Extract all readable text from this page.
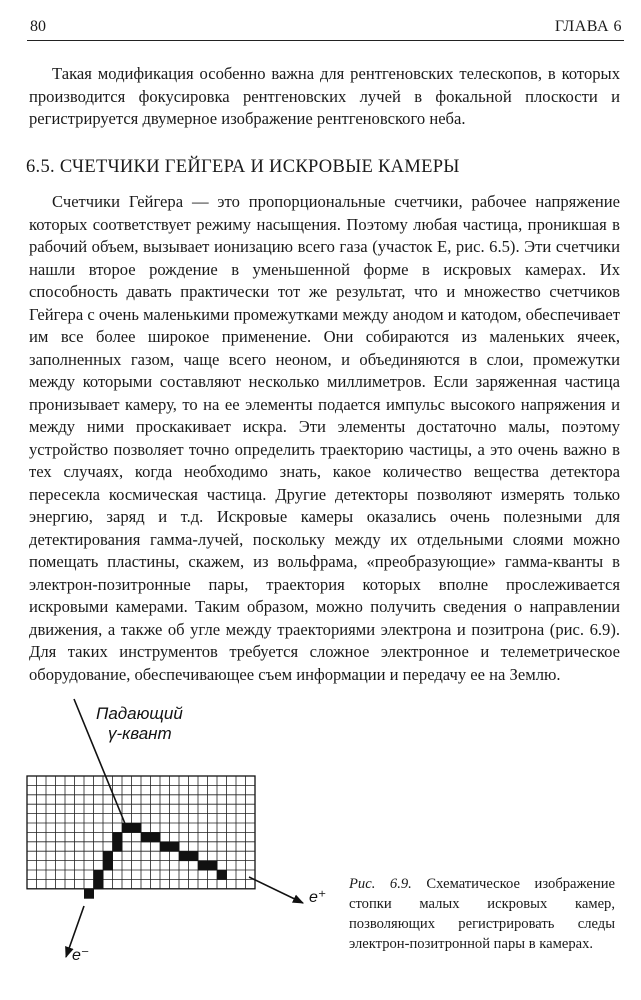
80	ГЛАВА 6

Такая модификация особенно важна для рентгеновских телескопов, в которых производится фокусировка рентгеновских лучей в фокальной плоскости и регистрируется двумерное изображение рентгеновского неба.

6.5. СЧЕТЧИКИ ГЕЙГЕРА И ИСКРОВЫЕ КАМЕРЫ

Счетчики Гейгера — это пропорциональные счетчики, рабочее напряжение которых соответствует режиму насыщения. Поэтому любая частица, проникшая в рабочий объем, вызывает ионизацию всего газа (участок Е, рис. 6.5). Эти счетчики нашли второе рождение в уменьшенной форме в искровых камерах. Их способность давать практически тот же результат, что и множество счетчиков Гейгера с очень маленькими промежутками между анодом и катодом, обеспечивает им все более широкое применение. Они собираются из маленьких ячеек, заполненных газом, чаще всего неоном, и объединяются в слои, промежутки между которыми составляют несколько миллиметров. Если заряженная частица пронизывает камеру, то на ее элементы подается импульс высокого напряжения и между ними проскакивает искра. Эти элементы достаточно малы, поэтому устройство позволяет точно определить траекторию частицы, а это очень важно в тех случаях, когда необходимо знать, какое количество вещества детектора пересекла космическая частица. Другие детекторы позволяют измерять только энергию, заряд и т.д. Искровые камеры оказались очень полезными для детектирования гамма-лучей, поскольку между их отдельными слоями можно помещать пластины, скажем, из вольфрама, «преобразующие» гамма-кванты в электрон-позитронные пары, траектория которых вполне прослеживается искровыми камерами. Таким образом, можно получить сведения о направлении движения, а также об угле между траекториями электрона и позитрона (рис. 6.9). Для таких инструментов требуется сложное электронное и телеметрическое оборудование, обеспечивающее съем информации и передачу ее на Землю.

Падающий
γ-квант
e⁺
e⁻

Рис. 6.9. Схематическое изображение стопки малых искровых камер, позволяющих регистрировать следы электрон-позитронной пары в камерах.
